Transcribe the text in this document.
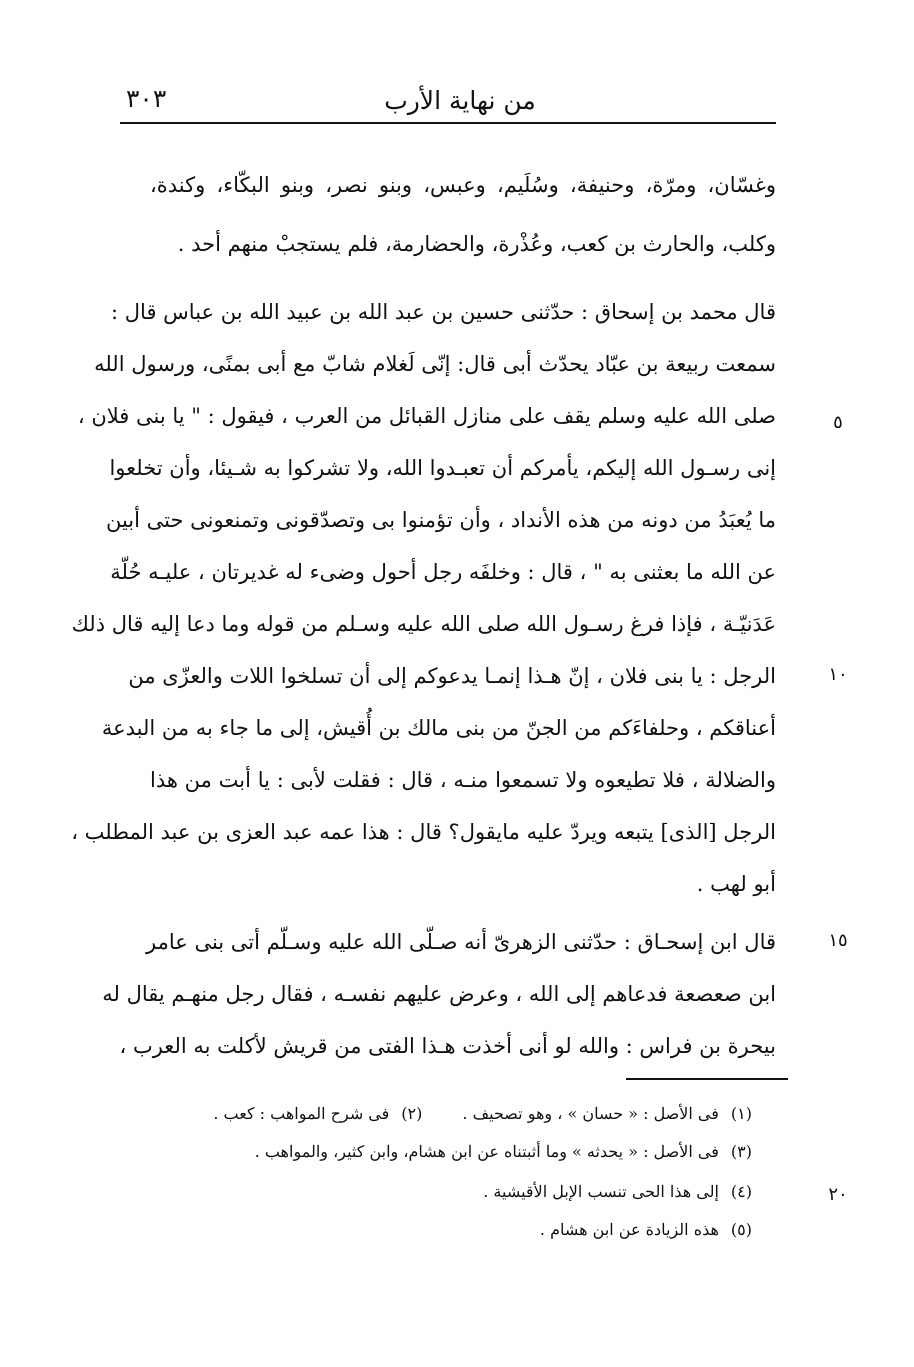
من نهاية الأرب
٣٠٣
وغسّان، ومرّة، وحنيفة، وسُلَيم، وعبس، وبنو نصر، وبنو البكّاء، وكندة،
وكلب، والحارث بن كعب، وعُذْرة، والحضارمة، فلم يستجبْ منهم أحد .
قال محمد بن إسحاق : حدّثنى حسين بن عبد الله بن عبيد الله بن عباس قال :
سمعت ربيعة بن عبّاد يحدّث أبى قال: إنّى لَغلام شابّ مع أبى بمنًى، ورسول الله
صلى الله عليه وسلم يقف على منازل القبائل من العرب ، فيقول : " يا بنى فلان ،
إنى رسـول الله إليكم، يأمركم أن تعبـدوا الله، ولا تشركوا به شـيئا، وأن تخلعوا
ما يُعبَدُ من دونه من هذه الأنداد ، وأن تؤمنوا بى وتصدّقونى وتمنعونى حتى أبين
عن الله ما بعثنى به " ، قال : وخلفَه رجل أحول وضىء له غديرتان ، عليـه حُلّة
عَدَنيّـة ، فإذا فرغ رسـول الله صلى الله عليه وسـلم من قوله وما دعا إليه قال ذلك
الرجل : يا بنى فلان ، إنّ هـذا إنمـا يدعوكم إلى أن تسلخوا اللات والعزّى من
أعناقكم ، وحلفاءَكم من الجنّ من بنى مالك بن أُقيش، إلى ما جاء به من البدعة
والضلالة ، فلا تطيعوه ولا تسمعوا منـه ، قال : فقلت لأبى : يا أبت من هذا
الرجل [الذى] يتبعه ويردّ عليه مايقول؟ قال : هذا عمه عبد العزى بن عبد المطلب ،
أبو لهب .
قال ابن إسحـاق : حدّثنى الزهرىّ أنه صـلّى الله عليه وسـلّم أتى بنى عامر
ابن صعصعة فدعاهم إلى الله ، وعرض عليهم نفسـه ، فقال رجل منهـم يقال له
بيحرة بن فراس : والله لو أنى أخذت هـذا الفتى من قريش لأكلت به العرب ،
٥
١٠
١٥
٢٠
(١)فى الأصل : « حسان » ، وهو تصحيف .(٢)فى شرح المواهب : كعب .
(٣)فى الأصل : « يحدثه » وما أثبتناه عن ابن هشام، وابن كثير، والمواهب .
(٤)إلى هذا الحى تنسب الإبل الأقيشية .
(٥)هذه الزيادة عن ابن هشام .
